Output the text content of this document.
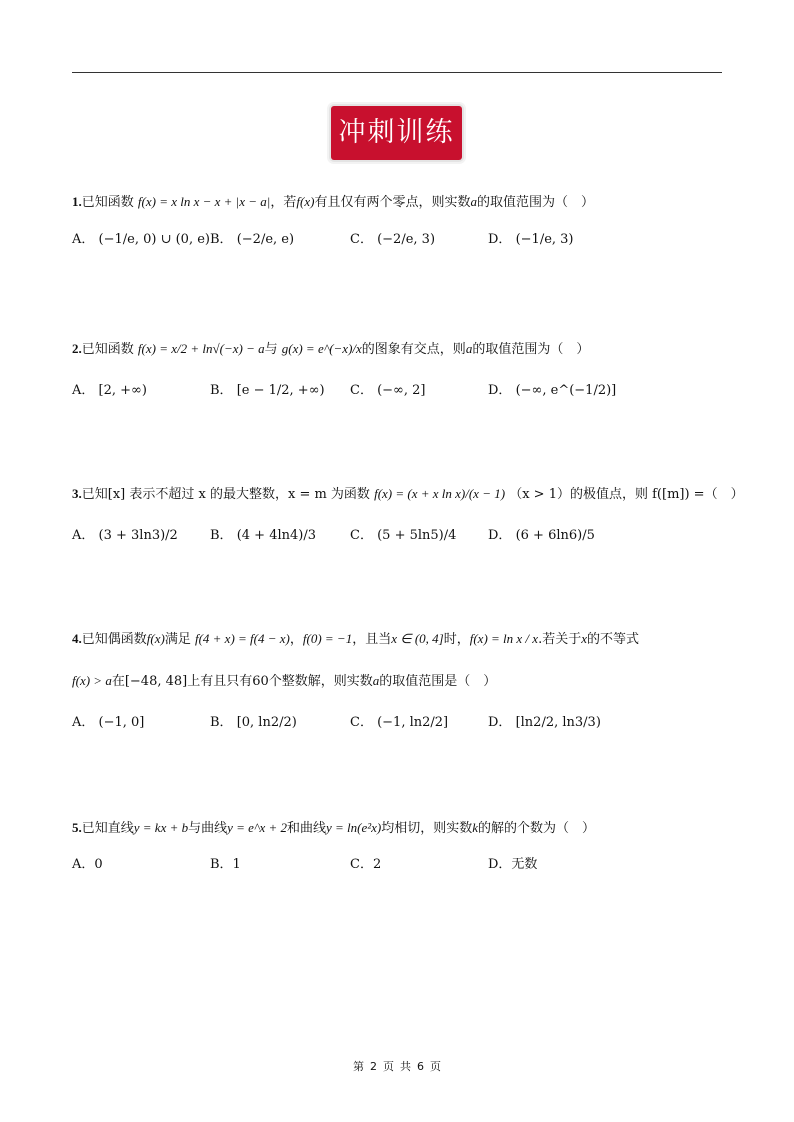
冲刺训练
1.已知函数 f(x) = x ln x − x + |x − a|，若f(x)有且仅有两个零点，则实数a的取值范围为（　）
A． (−1/e, 0) ∪ (0, e) B． (−2/e, e)	C． (−2/e, 3)	D． (−1/e, 3)
2.已知函数 f(x) = x/2 + ln√(−x) − a与 g(x) = e^(−x)/x的图象有交点，则a的取值范围为（　）
A． [2, +∞)	B． [e − 1/2, +∞) C． (−∞, 2]	D． (−∞, e^(−1/2)]
3.已知[x] 表示不超过 x 的最大整数，x = m 为函数 f(x) = (x + x ln x)/(x − 1) （x > 1）的极值点，则 f([m]) =（　）
A． (3 + 3ln3)/2 B． (4 + 4ln4)/3	C． (5 + 5ln5)/4 D． (6 + 6ln6)/5
4.已知偶函数f(x)满足 f(4 + x) = f(4 − x)，f(0) = −1，且当x ∈ (0, 4]时，f(x) = ln x / x.若关于x的不等式
f(x) > a在[−48, 48]上有且只有60个整数解，则实数a的取值范围是（　）
A． (−1, 0]	B． [0, ln2/2)	C． (−1, ln2/2]	D． [ln2/2, ln3/3)
5.已知直线y = kx + b与曲线y = e^x + 2和曲线y = ln(e²x)均相切，则实数k的解的个数为（　）
A．0	B．1	C．2	D．无数
第 2 页 共 6 页
